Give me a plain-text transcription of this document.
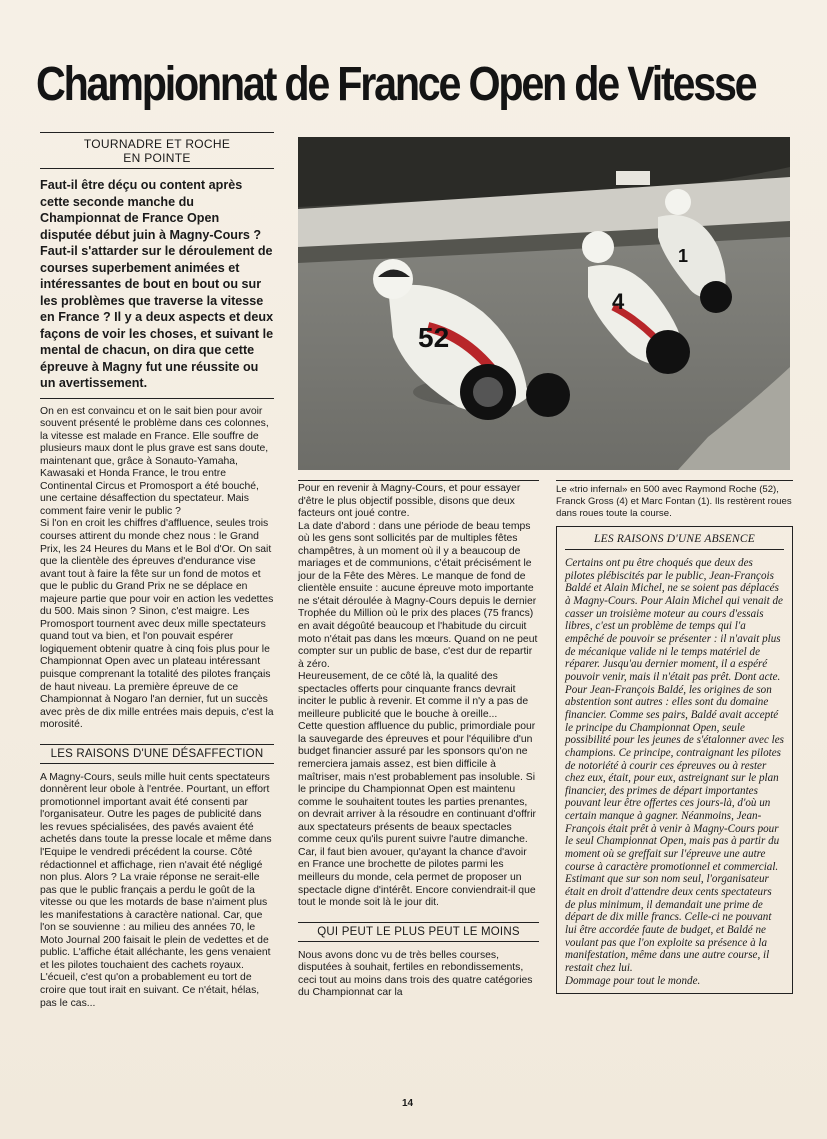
Championnat de France Open de Vitesse
TOURNADRE ET ROCHE
EN POINTE

Faut-il être déçu ou content après cette seconde manche du Championnat de France Open disputée début juin à Magny-Cours ? Faut-il s'attarder sur le déroulement de courses superbement animées et intéressantes de bout en bout ou sur les problèmes que traverse la vitesse en France ? Il y a deux aspects et deux façons de voir les choses, et suivant le mental de chacun, on dira que cette épreuve à Magny fut une réussite ou un avertissement.

On en est convaincu et on le sait bien pour avoir souvent présenté le problème dans ces colonnes, la vitesse est malade en France. Elle souffre de plusieurs maux dont le plus grave est sans doute, maintenant que, grâce à Sonauto-Yamaha, Kawasaki et Honda France, le trou entre Continental Circus et Promosport a été bouché, une certaine désaffection du spectateur. Mais comment faire venir le public ?
Si l'on en croit les chiffres d'affluence, seules trois courses attirent du monde chez nous : le Grand Prix, les 24 Heures du Mans et le Bol d'Or. On sait que la clientèle des épreuves d'endurance vise avant tout à faire la fête sur un fond de motos et que le public du Grand Prix ne se déplace en majeure partie que pour voir en action les vedettes du 500. Mais sinon ? Sinon, c'est maigre. Les Promosport tournent avec deux mille spectateurs quand tout va bien, et l'on pouvait espérer logiquement obtenir quatre à cinq fois plus pour le Championnat Open avec un plateau intéressant puisque comprenant la totalité des pilotes français de haut niveau. La première épreuve de ce Championnat à Nogaro l'an dernier, fut un succès avec près de dix mille entrées mais depuis, c'est la morosité.

LES RAISONS D'UNE DÉSAFFECTION

A Magny-Cours, seuls mille huit cents spectateurs donnèrent leur obole à l'entrée. Pourtant, un effort promotionnel important avait été consenti par l'organisateur. Outre les pages de publicité dans les revues spécialisées, des pavés avaient été achetés dans toute la presse locale et même dans l'Equipe le vendredi précédent la course. Côté rédactionnel et affichage, rien n'avait été négligé non plus. Alors ? La vraie réponse ne serait-elle pas que le public français a perdu le goût de la vitesse ou que les motards de base n'aiment plus les manifestations à caractère national. Car, que l'on se souvienne : au milieu des années 70, le Moto Journal 200 faisait le plein de vedettes et de public. L'affiche était alléchante, les gens venaient et les pilotes touchaient des cachets royaux. L'écueil, c'est qu'on a probablement eu tort de croire que tout irait en suivant. Ce n'était, hélas, pas le cas...

52
4
1

Pour en revenir à Magny-Cours, et pour essayer d'être le plus objectif possible, disons que deux facteurs ont joué contre.
La date d'abord : dans une période de beau temps où les gens sont sollicités par de multiples fêtes champêtres, à un moment où il y a beaucoup de mariages et de communions, c'était précisément le jour de la Fête des Mères. Le manque de fond de clientèle ensuite : aucune épreuve moto importante ne s'était déroulée à Magny-Cours depuis le dernier Trophée du Million où le prix des places (75 francs) en avait dégoûté beaucoup et l'habitude du circuit moto n'était pas dans les mœurs. Quand on ne peut compter sur un public de base, c'est dur de repartir à zéro.
Heureusement, de ce côté là, la qualité des spectacles offerts pour cinquante francs devrait inciter le public à revenir. Et comme il n'y a pas de meilleure publicité que le bouche à oreille...
Cette question affluence du public, primordiale pour la sauvegarde des épreuves et pour l'équilibre d'un budget financier assuré par les sponsors qu'on ne remerciera jamais assez, est bien difficile à maîtriser, mais n'est probablement pas insoluble. Si le principe du Championnat Open est maintenu comme le souhaitent toutes les parties prenantes, on devrait arriver à la résoudre en continuant d'offrir aux spectateurs présents de beaux spectacles comme ceux qu'ils purent suivre l'autre dimanche. Car, il faut bien avouer, qu'ayant la chance d'avoir en France une brochette de pilotes parmi les meilleurs du monde, cela permet de proposer un spectacle digne d'intérêt. Encore conviendrait-il que tout le monde soit là le jour dit.

QUI PEUT LE PLUS PEUT LE MOINS

Nous avons donc vu de très belles courses, disputées à souhait, fertiles en rebondissements, ceci tout au moins dans trois des quatre catégories du Championnat car la

Le «trio infernal» en 500 avec Raymond Roche (52), Franck Gross (4) et Marc Fontan (1). Ils restèrent roues dans roues toute la course.

LES RAISONS D'UNE ABSENCE

Certains ont pu être choqués que deux des pilotes plébiscités par le public, Jean-François Baldé et Alain Michel, ne se soient pas déplacés à Magny-Cours. Pour Alain Michel qui venait de casser un troisième moteur au cours d'essais libres, c'est un problème de temps qui l'a empêché de pouvoir se présenter : il n'avait plus de mécanique valide ni le temps matériel de réparer. Jusqu'au dernier moment, il a espéré pouvoir venir, mais il n'était pas prêt. Dont acte.
Pour Jean-François Baldé, les origines de son abstention sont autres : elles sont du domaine financier. Comme ses pairs, Baldé avait accepté le principe du Championnat Open, seule possibilité pour les jeunes de s'étalonner avec les champions. Ce principe, contraignant les pilotes de notoriété à courir ces épreuves ou à rester chez eux, était, pour eux, astreignant sur le plan financier, des primes de départ importantes pouvant leur être offertes ces jours-là, d'où un certain manque à gagner. Néanmoins, Jean-François était prêt à venir à Magny-Cours pour le seul Championnat Open, mais pas à partir du moment où se greffait sur l'épreuve une autre course à caractère promotionnel et commercial. Estimant que sur son nom seul, l'organisateur était en droit d'attendre deux cents spectateurs de plus minimum, il demandait une prime de départ de dix mille francs. Celle-ci ne pouvant lui être accordée faute de budget, et Baldé ne voulant pas que l'on exploite sa présence à la manifestation, même dans une autre course, il restait chez lui.
Dommage pour tout le monde.

14
